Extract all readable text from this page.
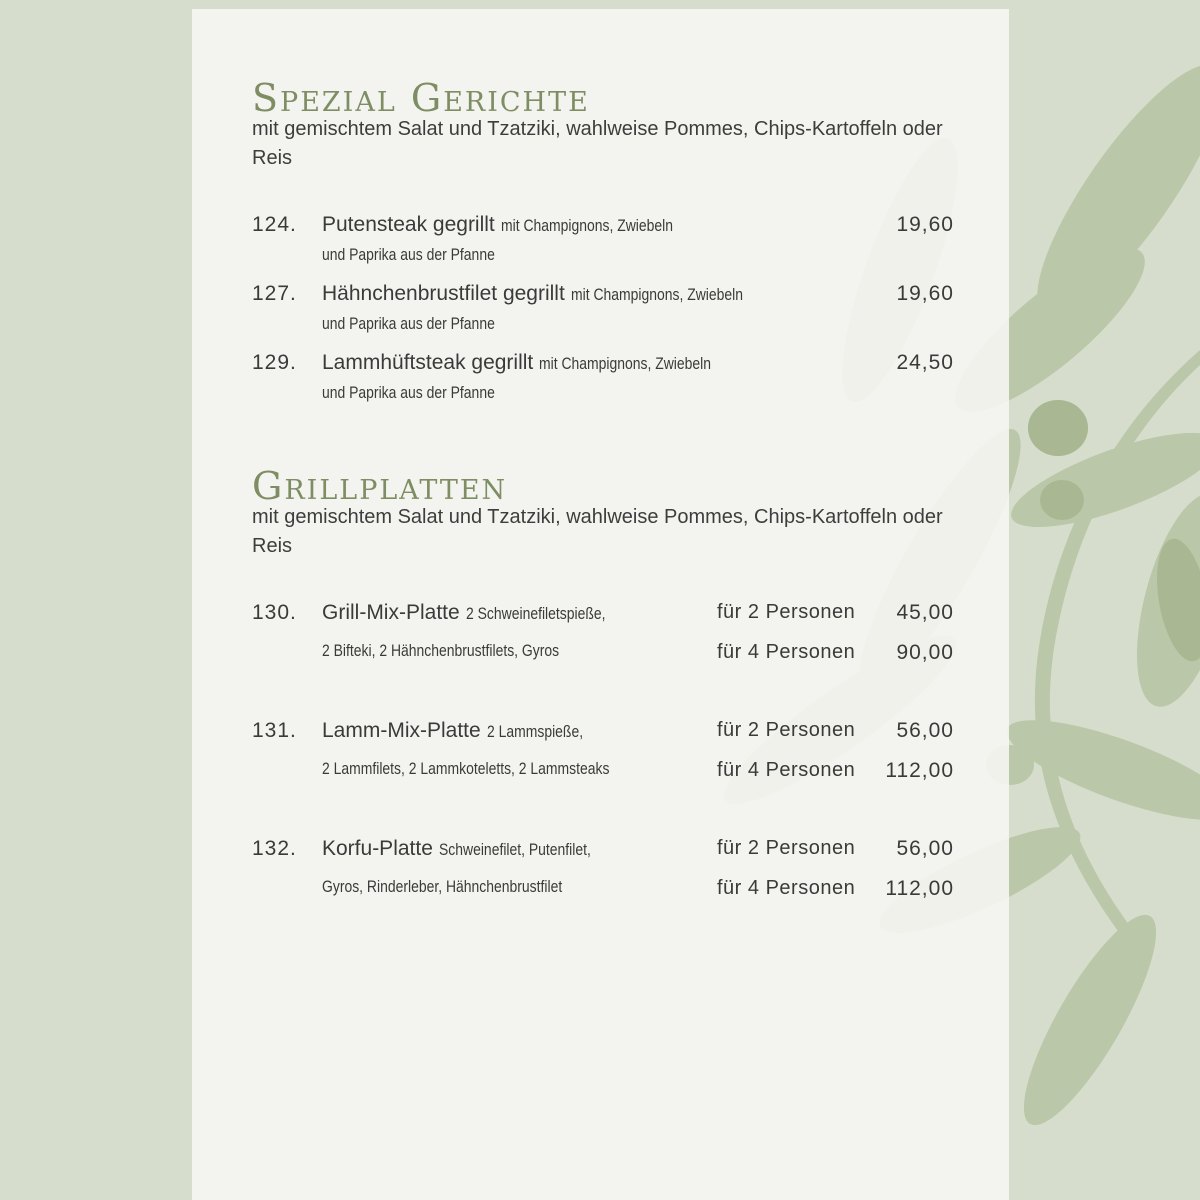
Spezial Gerichte

mit gemischtem Salat und Tzatziki, wahlweise Pommes, Chips-Kartoffeln oder Reis

124. Putensteak gegrillt mit Champignons, Zwiebeln	19,60
und Paprika aus der Pfanne
127. Hähnchenbrustfilet gegrillt mit Champignons, Zwiebeln	19,60
und Paprika aus der Pfanne
129. Lammhüftsteak gegrillt mit Champignons, Zwiebeln	24,50
und Paprika aus der Pfanne
Grillplatten

mit gemischtem Salat und Tzatziki, wahlweise Pommes, Chips-Kartoffeln oder Reis

130. Grill-Mix-Platte 2 Schweinefiletspieße,	für 2 Personen 45,00
2 Bifteki, 2 Hähnchenbrustfilets, Gyros	für 4 Personen 90,00
131. Lamm-Mix-Platte 2 Lammspieße,	für 2 Personen 56,00
2 Lammfilets, 2 Lammkoteletts, 2 Lammsteaks	für 4 Personen 112,00
132. Korfu-Platte Schweinefilet, Putenfilet,	für 2 Personen 56,00
Gyros, Rinderleber, Hähnchenbrustfilet	für 4 Personen 112,00
